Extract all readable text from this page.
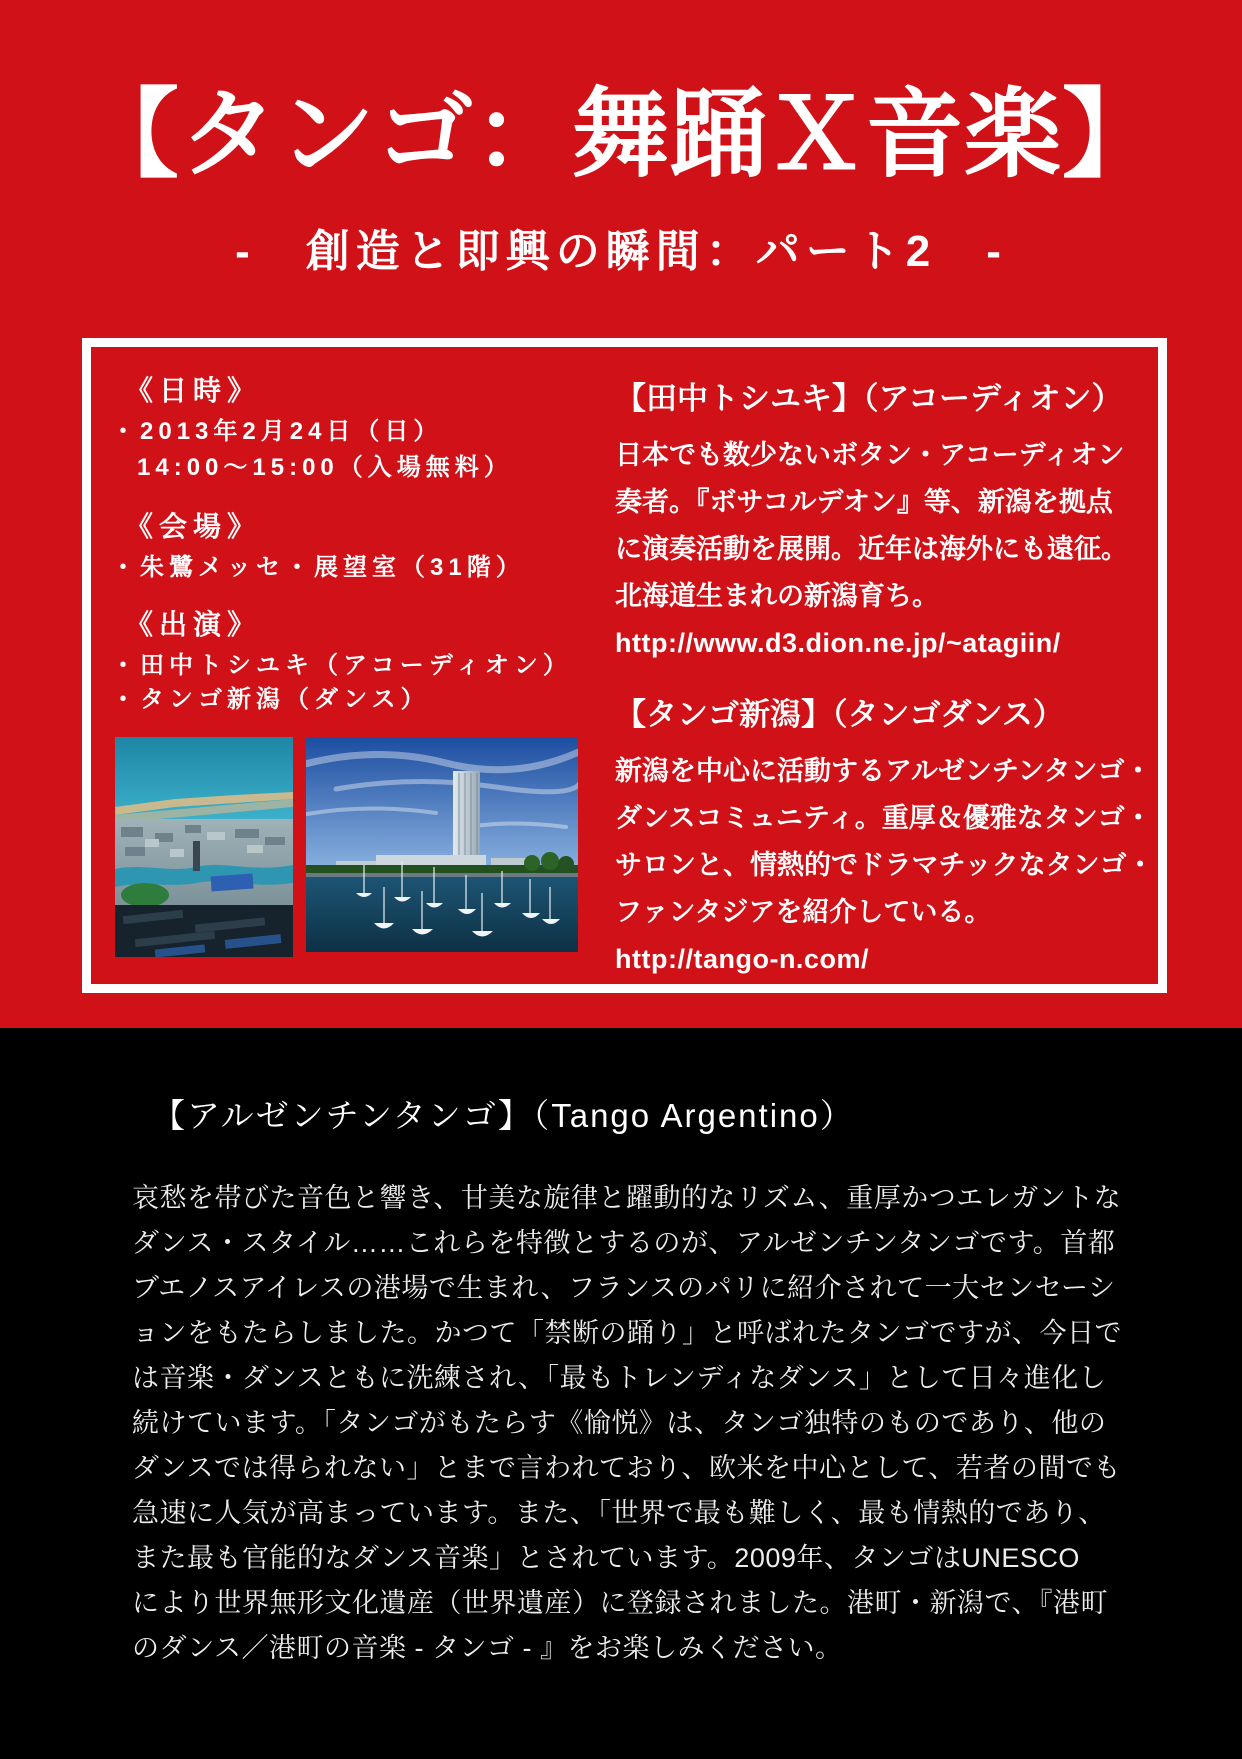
【タンゴ：舞踊Ｘ音楽】
-　創造と即興の瞬間：パート2　-
《日時》
・2013年2月24日（日）
14:00～15:00（入場無料）
《会場》
・朱鷺メッセ・展望室（31階）
《出演》
・田中トシユキ（アコーディオン）
・タンゴ新潟（ダンス）
【田中トシユキ】（アコーディオン）
日本でも数少ないボタン・アコーディオン
奏者。『ボサコルデオン』等、新潟を拠点
に演奏活動を展開。近年は海外にも遠征。
北海道生まれの新潟育ち。
http://www.d3.dion.ne.jp/~atagiin/
【タンゴ新潟】（タンゴダンス）
新潟を中心に活動するアルゼンチンタンゴ・
ダンスコミュニティ。重厚＆優雅なタンゴ・
サロンと、情熱的でドラマチックなタンゴ・
ファンタジアを紹介している。
http://tango-n.com/
【アルゼンチンタンゴ】（Tango Argentino）
哀愁を帯びた音色と響き、甘美な旋律と躍動的なリズム、重厚かつエレガントな
ダンス・スタイル……これらを特徴とするのが、アルゼンチンタンゴです。首都
ブエノスアイレスの港場で生まれ、フランスのパリに紹介されて一大センセーシ
ョンをもたらしました。かつて「禁断の踊り」と呼ばれたタンゴですが、今日で
は音楽・ダンスともに洗練され、「最もトレンディなダンス」として日々進化し
続けています。「タンゴがもたらす《愉悦》は、タンゴ独特のものであり、他の
ダンスでは得られない」とまで言われており、欧米を中心として、若者の間でも
急速に人気が高まっています。また、「世界で最も難しく、最も情熱的であり、
また最も官能的なダンス音楽」とされています。2009年、タンゴはUNESCO
により世界無形文化遺産（世界遺産）に登録されました。港町・新潟で、『港町
のダンス／港町の音楽 - タンゴ - 』をお楽しみください。
